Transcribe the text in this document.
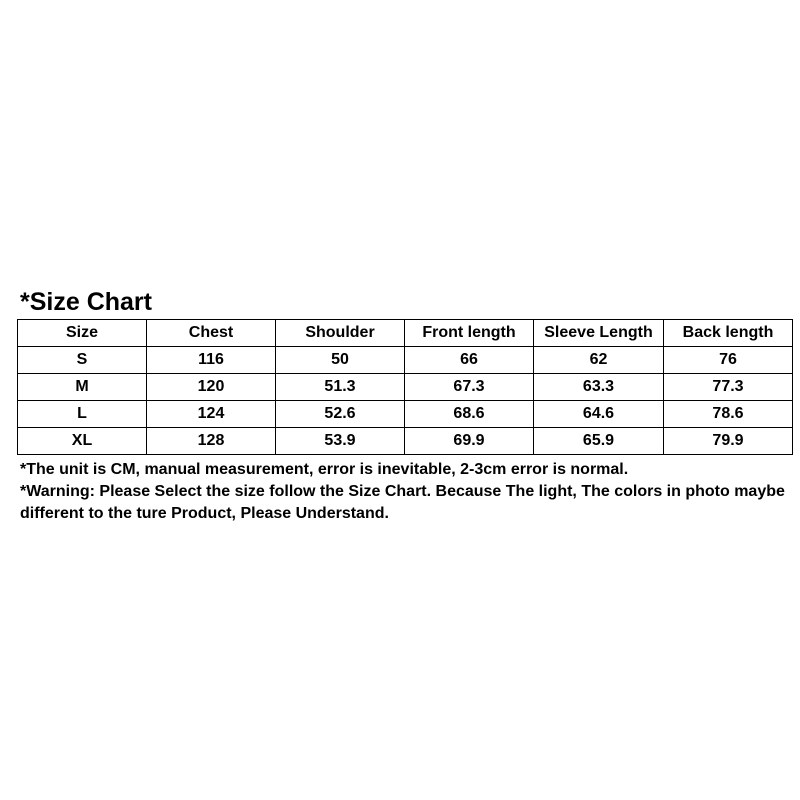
*Size Chart
Size	Chest	Shoulder	Front length	Sleeve Length	Back length
S	116	50	66	62	76
M	120	51.3	67.3	63.3	77.3
L	124	52.6	68.6	64.6	78.6
XL	128	53.9	69.9	65.9	79.9

*The unit is CM, manual measurement, error is inevitable, 2-3cm error is normal.

*Warning: Please Select the size follow the Size Chart. Because The light, The colors in photo maybe different to the ture Product, Please Understand.
